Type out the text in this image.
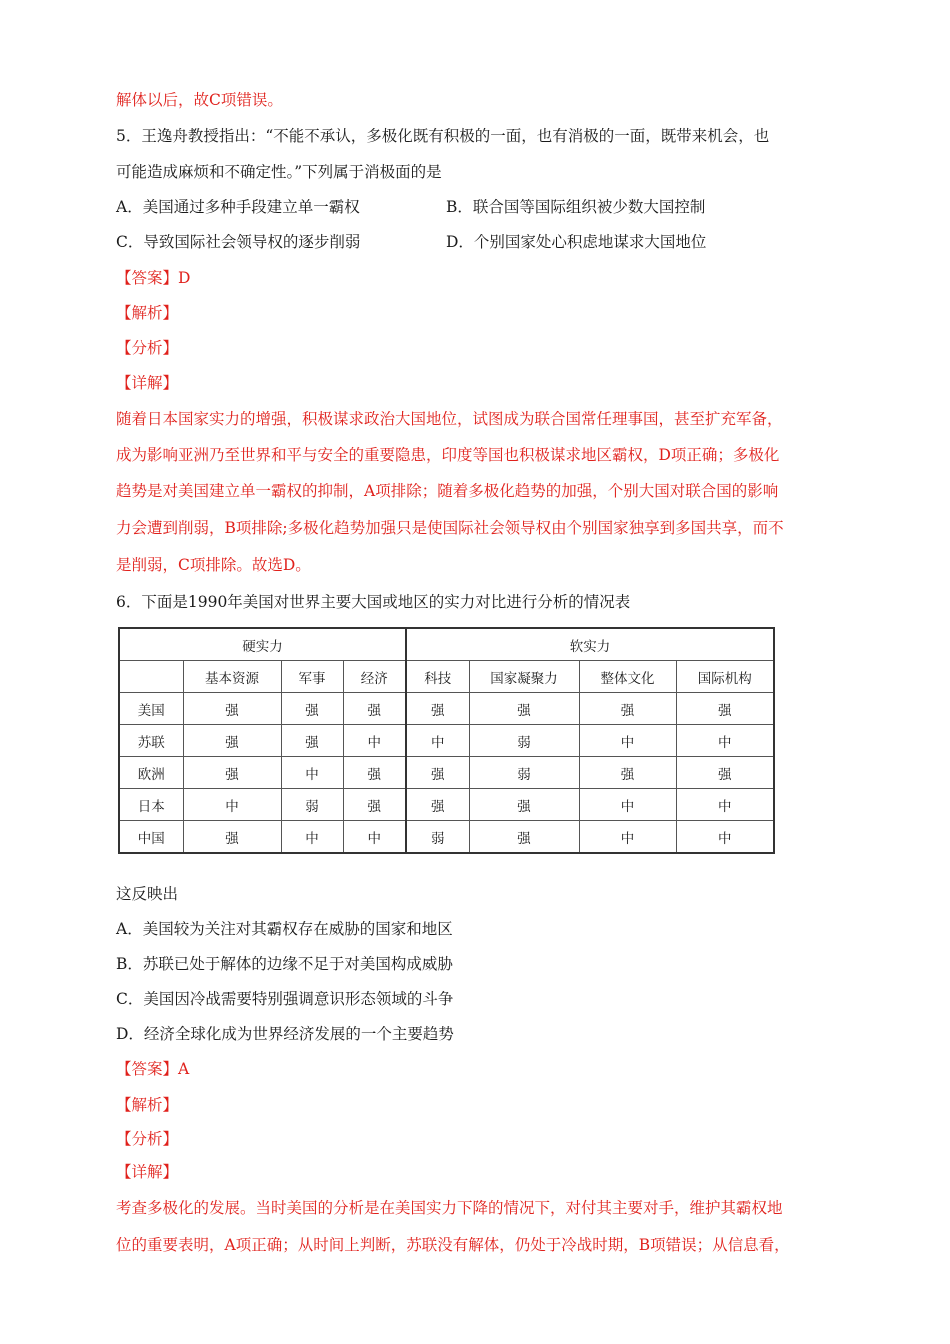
解体以后，故C项错误。
5．王逸舟教授指出：“不能不承认，多极化既有积极的一面，也有消极的一面，既带来机会，也
可能造成麻烦和不确定性。”下列属于消极面的是
A．美国通过多种手段建立单一霸权	B．联合国等国际组织被少数大国控制
C．导致国际社会领导权的逐步削弱	D．个别国家处心积虑地谋求大国地位
【答案】D
【解析】
【分析】
【详解】
随着日本国家实力的增强，积极谋求政治大国地位，试图成为联合国常任理事国，甚至扩充军备，
成为影响亚洲乃至世界和平与安全的重要隐患，印度等国也积极谋求地区霸权，D项正确；多极化
趋势是对美国建立单一霸权的抑制，A项排除；随着多极化趋势的加强，个别大国对联合国的影响
力会遭到削弱，B项排除;多极化趋势加强只是使国际社会领导权由个别国家独享到多国共享，而不
是削弱，C项排除。故选D。
6．下面是1990年美国对世界主要大国或地区的实力对比进行分析的情况表
硬实力				软实力			
	基本资源	军事	经济	科技	国家凝聚力	整体文化	国际机构
美国	强	强	强	强	强	强	强
苏联	强	强	中	中	弱	中	中
欧洲	强	中	强	强	弱	强	强
日本	中	弱	强	强	强	中	中
中国	强	中	中	弱	强	中	中
这反映出
A．美国较为关注对其霸权存在威胁的国家和地区
B．苏联已处于解体的边缘不足于对美国构成威胁
C．美国因冷战需要特别强调意识形态领域的斗争
D．经济全球化成为世界经济发展的一个主要趋势
【答案】A
【解析】
【分析】
【详解】
考查多极化的发展。当时美国的分析是在美国实力下降的情况下，对付其主要对手，维护其霸权地
位的重要表明，A项正确；从时间上判断，苏联没有解体，仍处于冷战时期，B项错误；从信息看，
